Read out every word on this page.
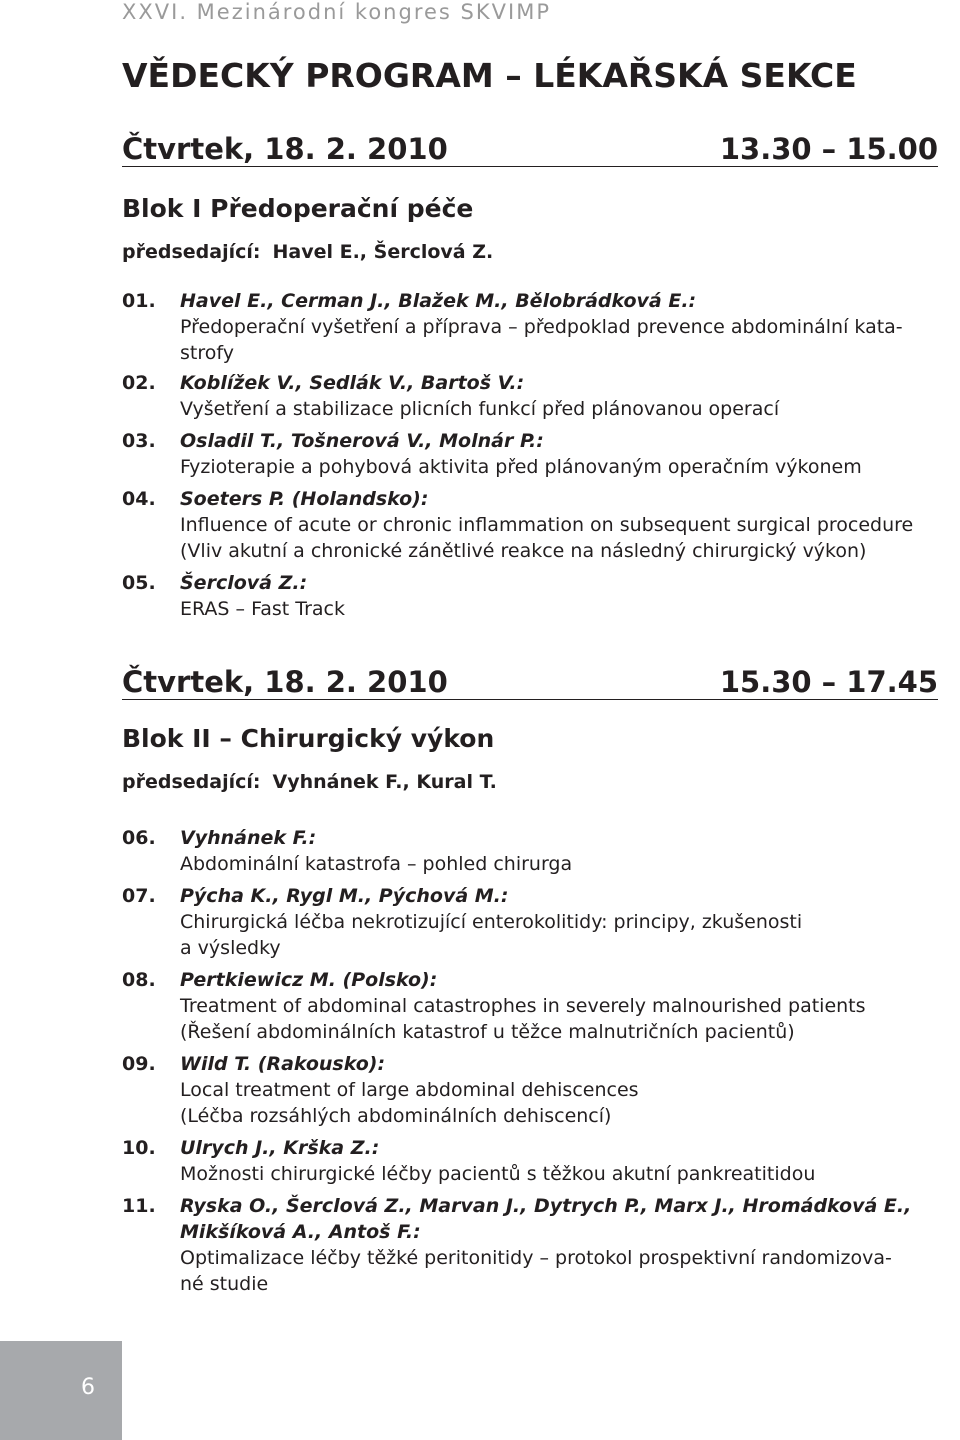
XXVI. Mezinárodní kongres SKVIMP
VĚDECKÝ PROGRAM – LÉKAŘSKÁ SEKCE
Čtvrtek, 18. 2. 2010	13.30 – 15.00
Blok I Předoperační péče
předsedající: Havel E., Šerclová Z.
01.	Havel E., Cerman J., Blažek M., Bělobrádková E.:
Předoperační vyšetření a příprava – předpoklad prevence abdominální kata-
strofy
02.	Koblížek V., Sedlák V., Bartoš V.:
Vyšetření a stabilizace plicních funkcí před plánovanou operací
03.	Osladil T., Tošnerová V., Molnár P.:
Fyzioterapie a pohybová aktivita před plánovaným operačním výkonem
04.	Soeters P. (Holandsko):
Influence of acute or chronic inflammation on subsequent surgical procedure
(Vliv akutní a chronické zánětlivé reakce na následný chirurgický výkon)
05.	Šerclová Z.:
ERAS – Fast Track
Čtvrtek, 18. 2. 2010	15.30 – 17.45
Blok II – Chirurgický výkon
předsedající: Vyhnánek F., Kural T.
06.	Vyhnánek F.:
Abdominální katastrofa – pohled chirurga
07.	Pýcha K., Rygl M., Pýchová M.:
Chirurgická léčba nekrotizující enterokolitidy: principy, zkušenosti
a výsledky
08.	Pertkiewicz M. (Polsko):
Treatment of abdominal catastrophes in severely malnourished patients
(Řešení abdominálních katastrof u těžce malnutričních pacientů)
09.	Wild T. (Rakousko):
Local treatment of large abdominal dehiscences
(Léčba rozsáhlých abdominálních dehiscencí)
10.	Ulrych J., Krška Z.:
Možnosti chirurgické léčby pacientů s těžkou akutní pankreatitidou
11.	Ryska O., Šerclová Z., Marvan J., Dytrych P., Marx J., Hromádková E., Mikšíková A., Antoš F.:
Optimalizace léčby těžké peritonitidy – protokol prospektivní randomizova-
né studie
6
